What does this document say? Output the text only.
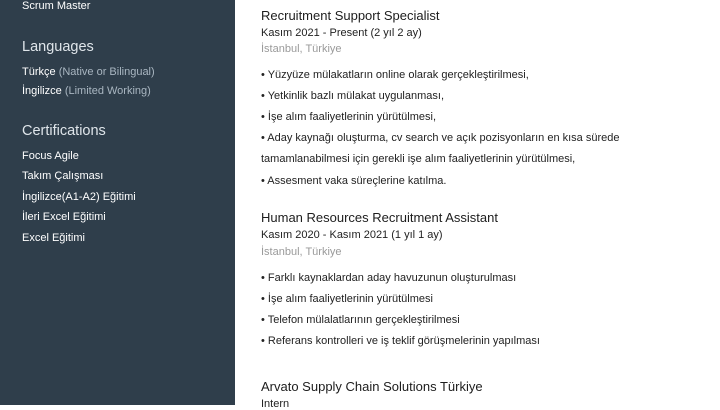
Scrum Master
Languages
Türkçe (Native or Bilingual)
İngilizce (Limited Working)
Certifications
Focus Agile
Takım Çalışması
İngilizce(A1-A2) Eğitimi
İleri Excel Eğitimi
Excel Eğitimi
Recruitment Support Specialist
Kasım 2021 - Present (2 yıl 2 ay)
İstanbul, Türkiye
• Yüzyüze mülakatların online olarak gerçekleştirilmesi,
• Yetkinlik bazlı mülakat uygulanması,
• İşe alım faaliyetlerinin yürütülmesi,
• Aday kaynağı oluşturma, cv search ve açık pozisyonların en kısa sürede
tamamlanabilmesi için gerekli işe alım faaliyetlerinin yürütülmesi,
• Assesment vaka süreçlerine katılma.
Human Resources Recruitment Assistant
Kasım 2020 - Kasım 2021 (1 yıl 1 ay)
İstanbul, Türkiye
• Farklı kaynaklardan aday havuzunun oluşturulması
• İşe alım faaliyetlerinin yürütülmesi
• Telefon mülalatlarının gerçekleştirilmesi
• Referans kontrolleri ve iş teklif görüşmelerinin yapılması
Arvato Supply Chain Solutions Türkiye
Intern
